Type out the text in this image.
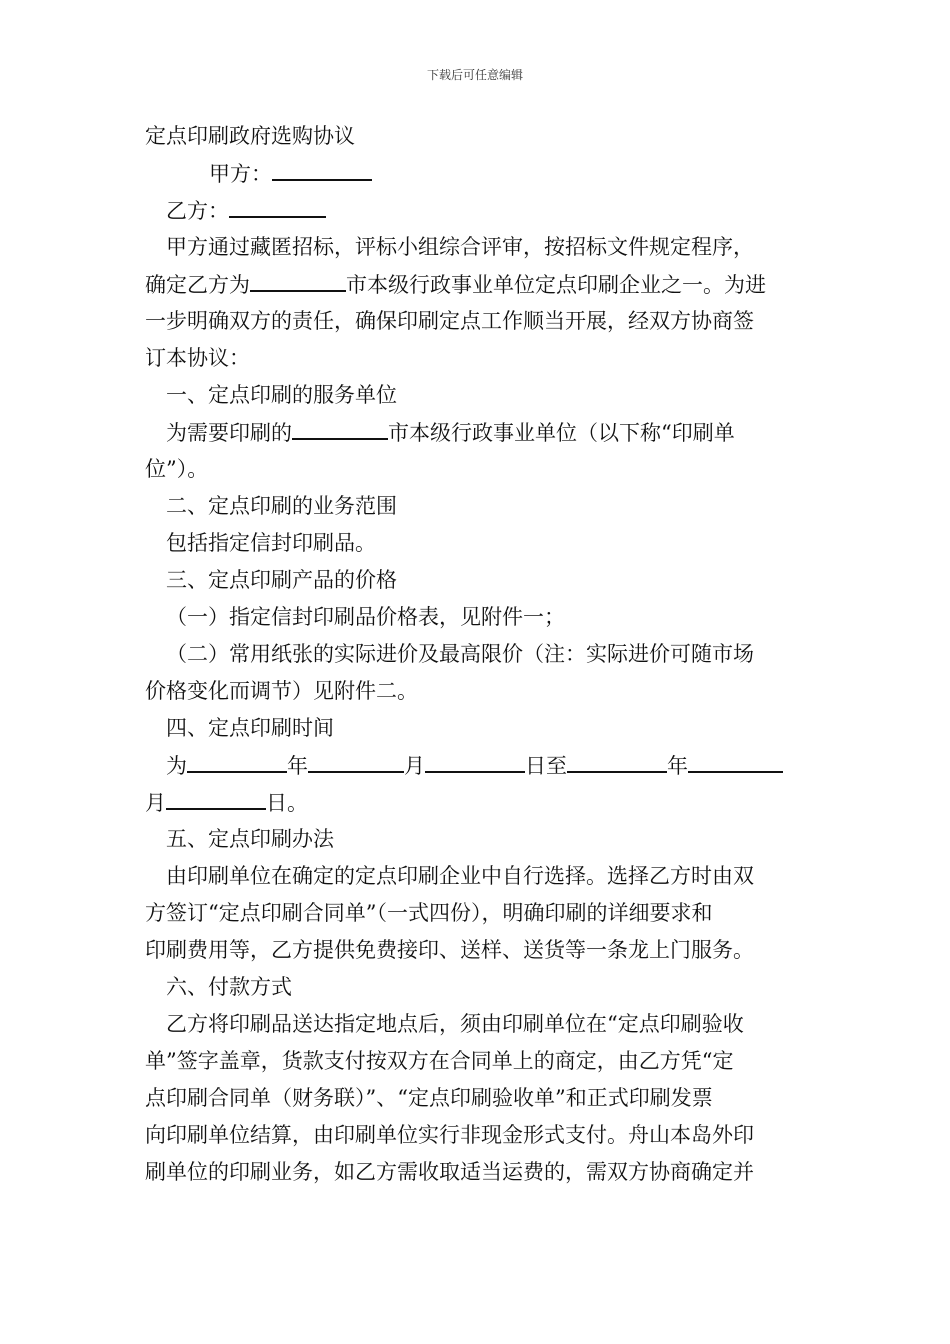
下载后可任意编辑
定点印刷政府选购协议
甲方：
乙方：
甲方通过藏匿招标，评标小组综合评审，按招标文件规定程序，
确定乙方为	市本级行政事业单位定点印刷企业之一。为进
一步明确双方的责任，确保印刷定点工作顺当开展，经双方协商签
订本协议：
一、定点印刷的服务单位
为需要印刷的	市本级行政事业单位（以下称“印刷单
位”）。
二、定点印刷的业务范围
包括指定信封印刷品。
三、定点印刷产品的价格
（一）指定信封印刷品价格表，见附件一；
（二）常用纸张的实际进价及最高限价（注：实际进价可随市场
价格变化而调节）见附件二。
四、定点印刷时间
为	年	月	日至	年
月	日。
五、定点印刷办法
由印刷单位在确定的定点印刷企业中自行选择。选择乙方时由双
方签订“定点印刷合同单”（一式四份），明确印刷的详细要求和
印刷费用等，乙方提供免费接印、送样、送货等一条龙上门服务。
六、付款方式
乙方将印刷品送达指定地点后，须由印刷单位在“定点印刷验收
单”签字盖章，货款支付按双方在合同单上的商定，由乙方凭“定
点印刷合同单（财务联）”、“定点印刷验收单”和正式印刷发票
向印刷单位结算，由印刷单位实行非现金形式支付。舟山本岛外印
刷单位的印刷业务，如乙方需收取适当运费的，需双方协商确定并
